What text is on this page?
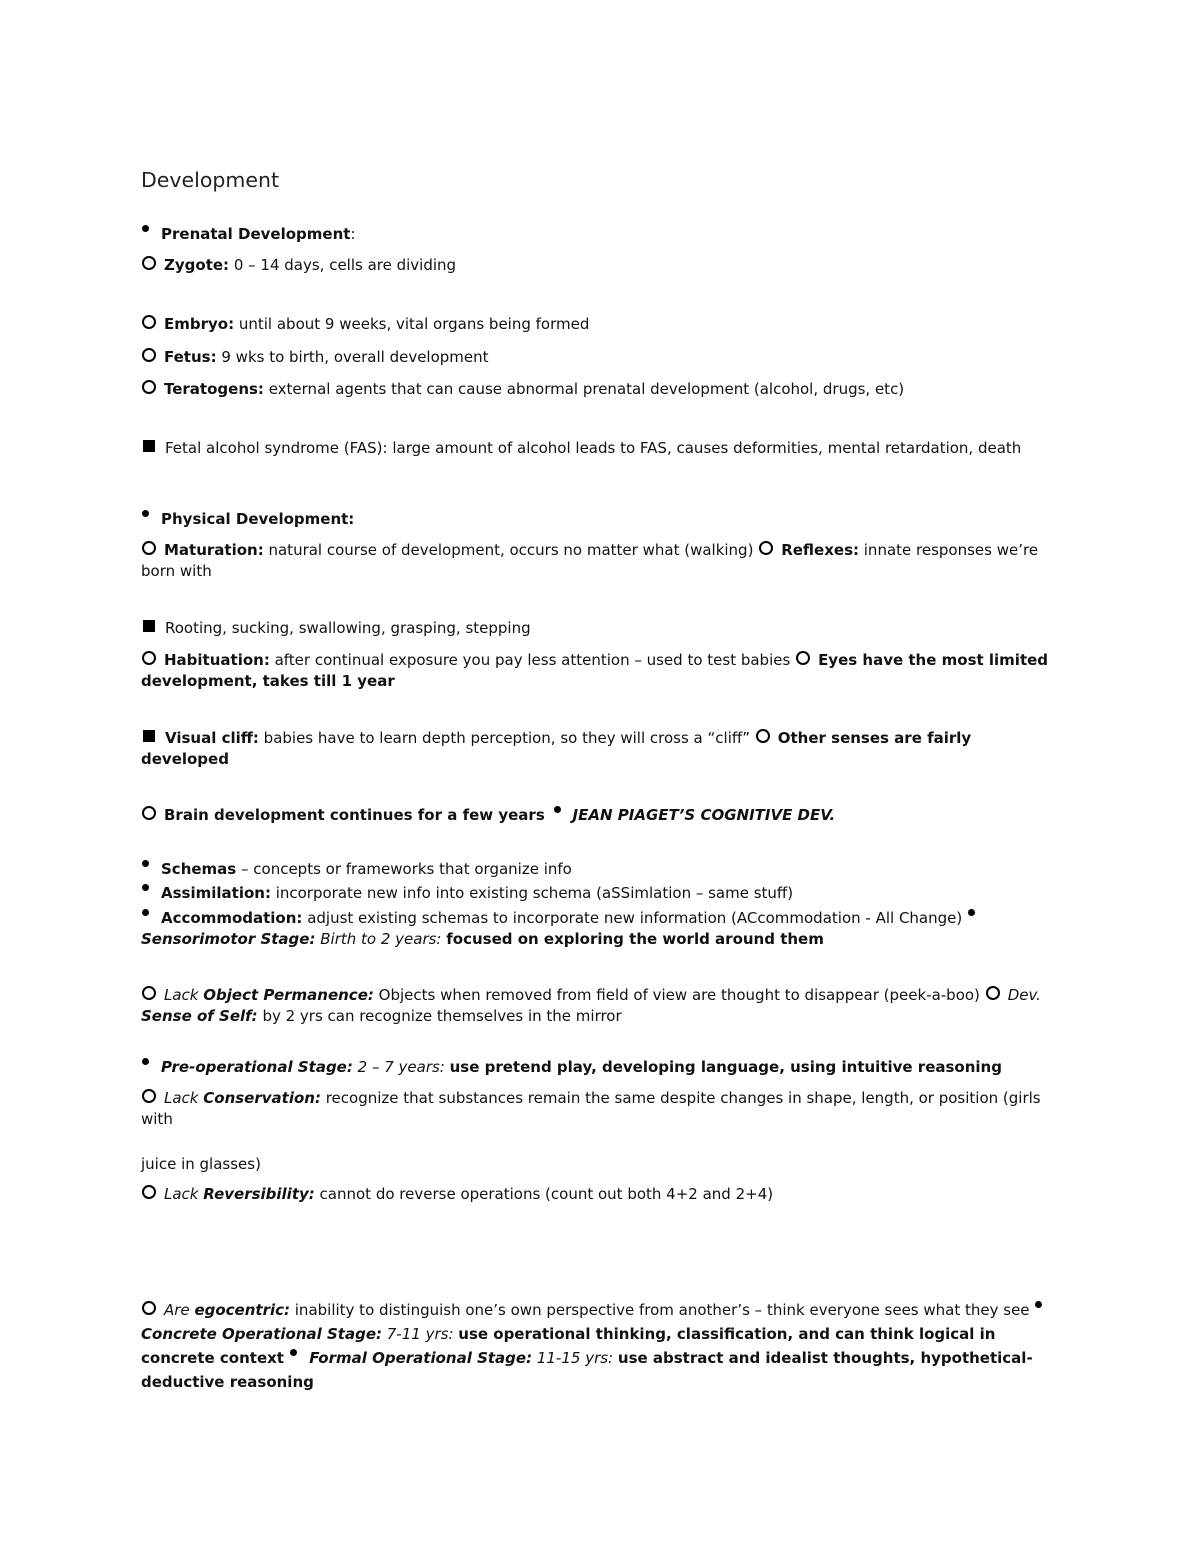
Development
Prenatal Development:
Zygote: 0 – 14 days, cells are dividing
Embryo: until about 9 weeks, vital organs being formed
Fetus: 9 wks to birth, overall development
Teratogens: external agents that can cause abnormal prenatal development (alcohol, drugs, etc)
Fetal alcohol syndrome (FAS): large amount of alcohol leads to FAS, causes deformities, mental retardation, death
Physical Development:
Maturation: natural course of development, occurs no matter what (walking) Reflexes: innate responses we’re born with
Rooting, sucking, swallowing, grasping, stepping
Habituation: after continual exposure you pay less attention – used to test babies Eyes have the most limited development, takes till 1 year
Visual cliff: babies have to learn depth perception, so they will cross a “cliff” Other senses are fairly developed
Brain development continues for a few years JEAN PIAGET’S COGNITIVE DEV.
Schemas – concepts or frameworks that organize info
Assimilation: incorporate new info into existing schema (aSSimlation – same stuff)
Accommodation: adjust existing schemas to incorporate new information (ACcommodation - All Change) Sensorimotor Stage: Birth to 2 years: focused on exploring the world around them
Lack Object Permanence: Objects when removed from field of view are thought to disappear (peek-a-boo) Dev. Sense of Self: by 2 yrs can recognize themselves in the mirror
Pre-operational Stage: 2 – 7 years: use pretend play, developing language, using intuitive reasoning
Lack Conservation: recognize that substances remain the same despite changes in shape, length, or position (girls with
juice in glasses)
Lack Reversibility: cannot do reverse operations (count out both 4+2 and 2+4)
Are egocentric: inability to distinguish one’s own perspective from another’s – think everyone sees what they see Concrete Operational Stage: 7-11 yrs: use operational thinking, classification, and can think logical in concrete context Formal Operational Stage: 11-15 yrs: use abstract and idealist thoughts, hypothetical-deductive reasoning
